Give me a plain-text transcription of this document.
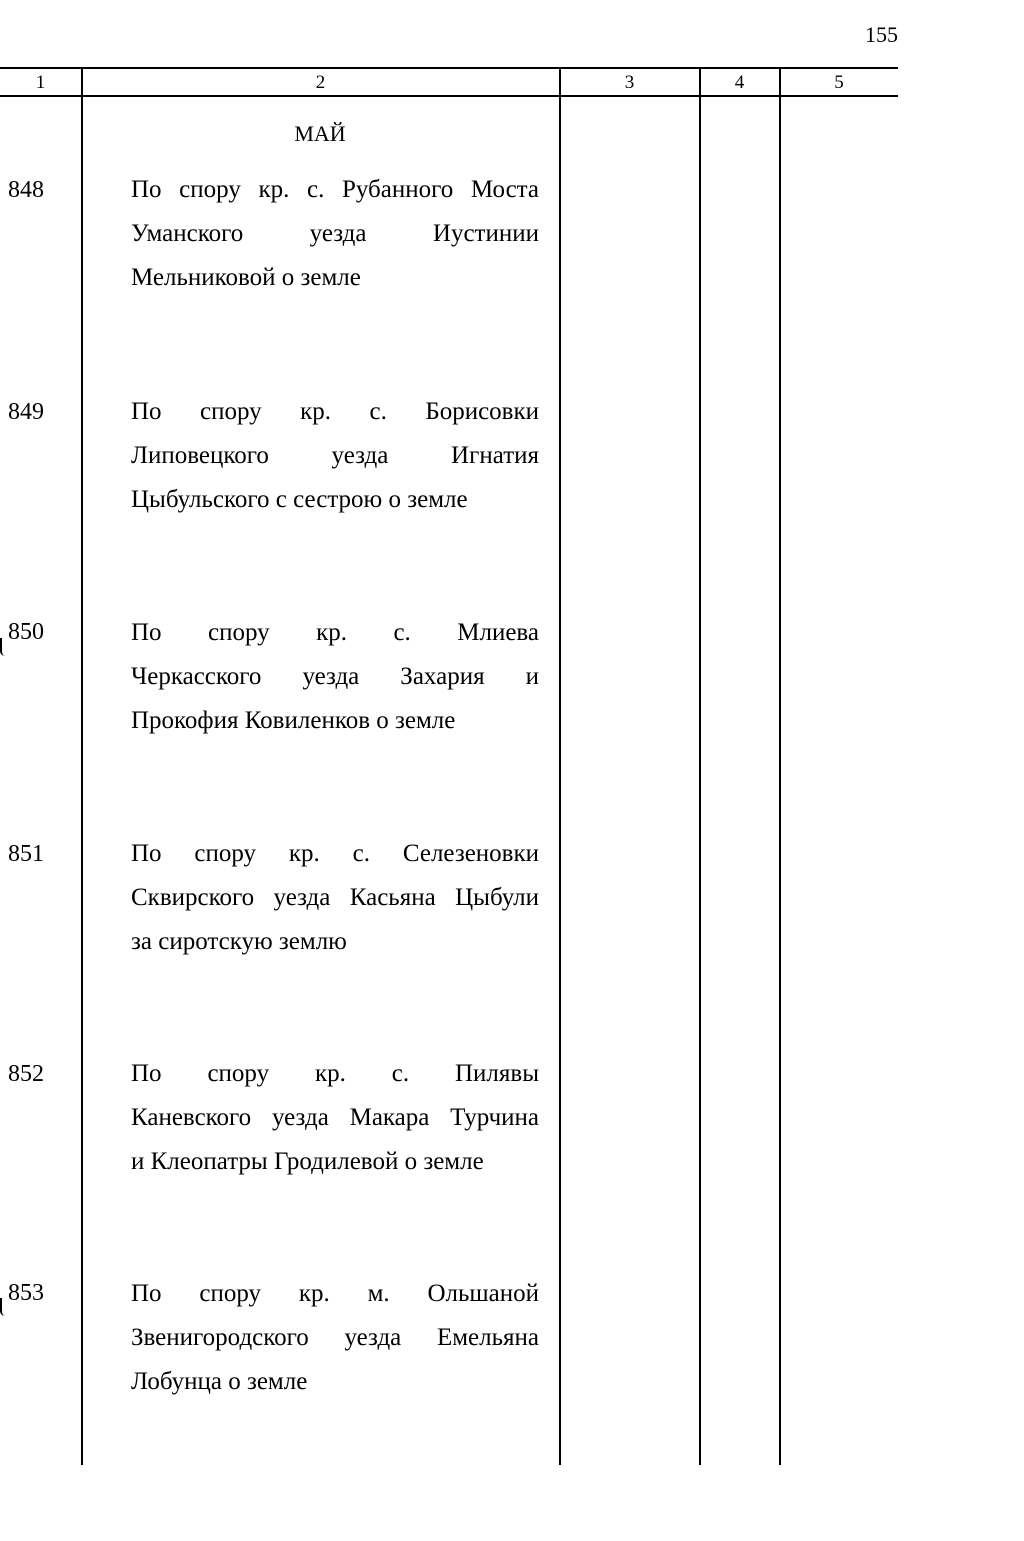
155
1	2	3	4	5
МАЙ
848	По спору кр. с. Рубанного Моста
Уманского уезда Иустинии
Мельниковой о земле
849	По спору кр. с. Борисовки
Липовецкого уезда Игнатия
Цыбульского с сестрою о земле
850	По спору кр. с. Млиева
Черкасского уезда Захария и
Прокофия Ковиленков о земле
851	По спору кр. с. Селезеновки
Сквирского уезда Касьяна Цыбули
за сиротскую землю
852	По спору кр. с. Пилявы
Каневского уезда Макара Турчина
и Клеопатры Гродилевой о земле
853	По спору кр. м. Ольшаной
Звенигородского уезда Емельяна
Лобунца о земле
